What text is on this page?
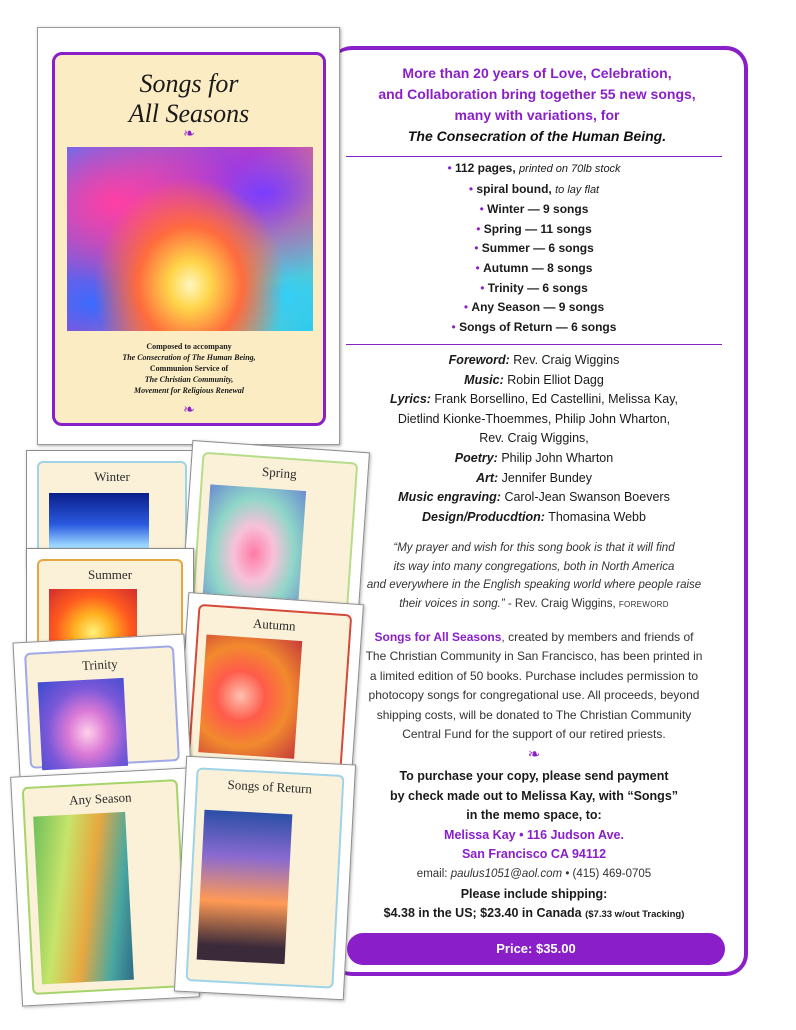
Songs for
All Seasons
❧
Composed to accompany
The Consecration of The Human Being,
Communion Service of
The Christian Community,
Movement for Religious Renewal
❧
Winter	Spring
Summer
Autumn
Trinity
Any Season
Songs of Return
More than 20 years of Love, Celebration,
and Collaboration bring together 55 new songs,
many with variations, for
The Consecration of the Human Being.
• 112 pages, printed on 70lb stock
• spiral bound, to lay flat
• Winter — 9 songs
• Spring — 11 songs
• Summer — 6 songs
• Autumn — 8 songs
• Trinity — 6 songs
• Any Season — 9 songs
• Songs of Return — 6 songs
Foreword: Rev. Craig Wiggins
Music: Robin Elliot Dagg
Lyrics: Frank Borsellino, Ed Castellini, Melissa Kay,
Dietlind Kionke-Thoemmes, Philip John Wharton,
Rev. Craig Wiggins,
Poetry: Philip John Wharton
Art: Jennifer Bundey
Music engraving: Carol-Jean Swanson Boevers
Design/Producdtion: Thomasina Webb
“My prayer and wish for this song book is that it will find
its way into many congregations, both in North America
and everywhere in the English speaking world where people raise
their voices in song.” - Rev. Craig Wiggins, FOREWORD
Songs for All Seasons, created by members and friends of
The Christian Community in San Francisco, has been printed in
a limited edition of 50 books. Purchase includes permission to
photocopy songs for congregational use. All proceeds, beyond
shipping costs, will be donated to The Christian Community
Central Fund for the support of our retired priests.
❧
To purchase your copy, please send payment
by check made out to Melissa Kay, with “Songs”
in the memo space, to:
Melissa Kay • 116 Judson Ave.
San Francisco CA 94112
email: paulus1051@aol.com • (415) 469-0705
Please include shipping:
$4.38 in the US; $23.40 in Canada ($7.33 w/out Tracking)
Price: $35.00
